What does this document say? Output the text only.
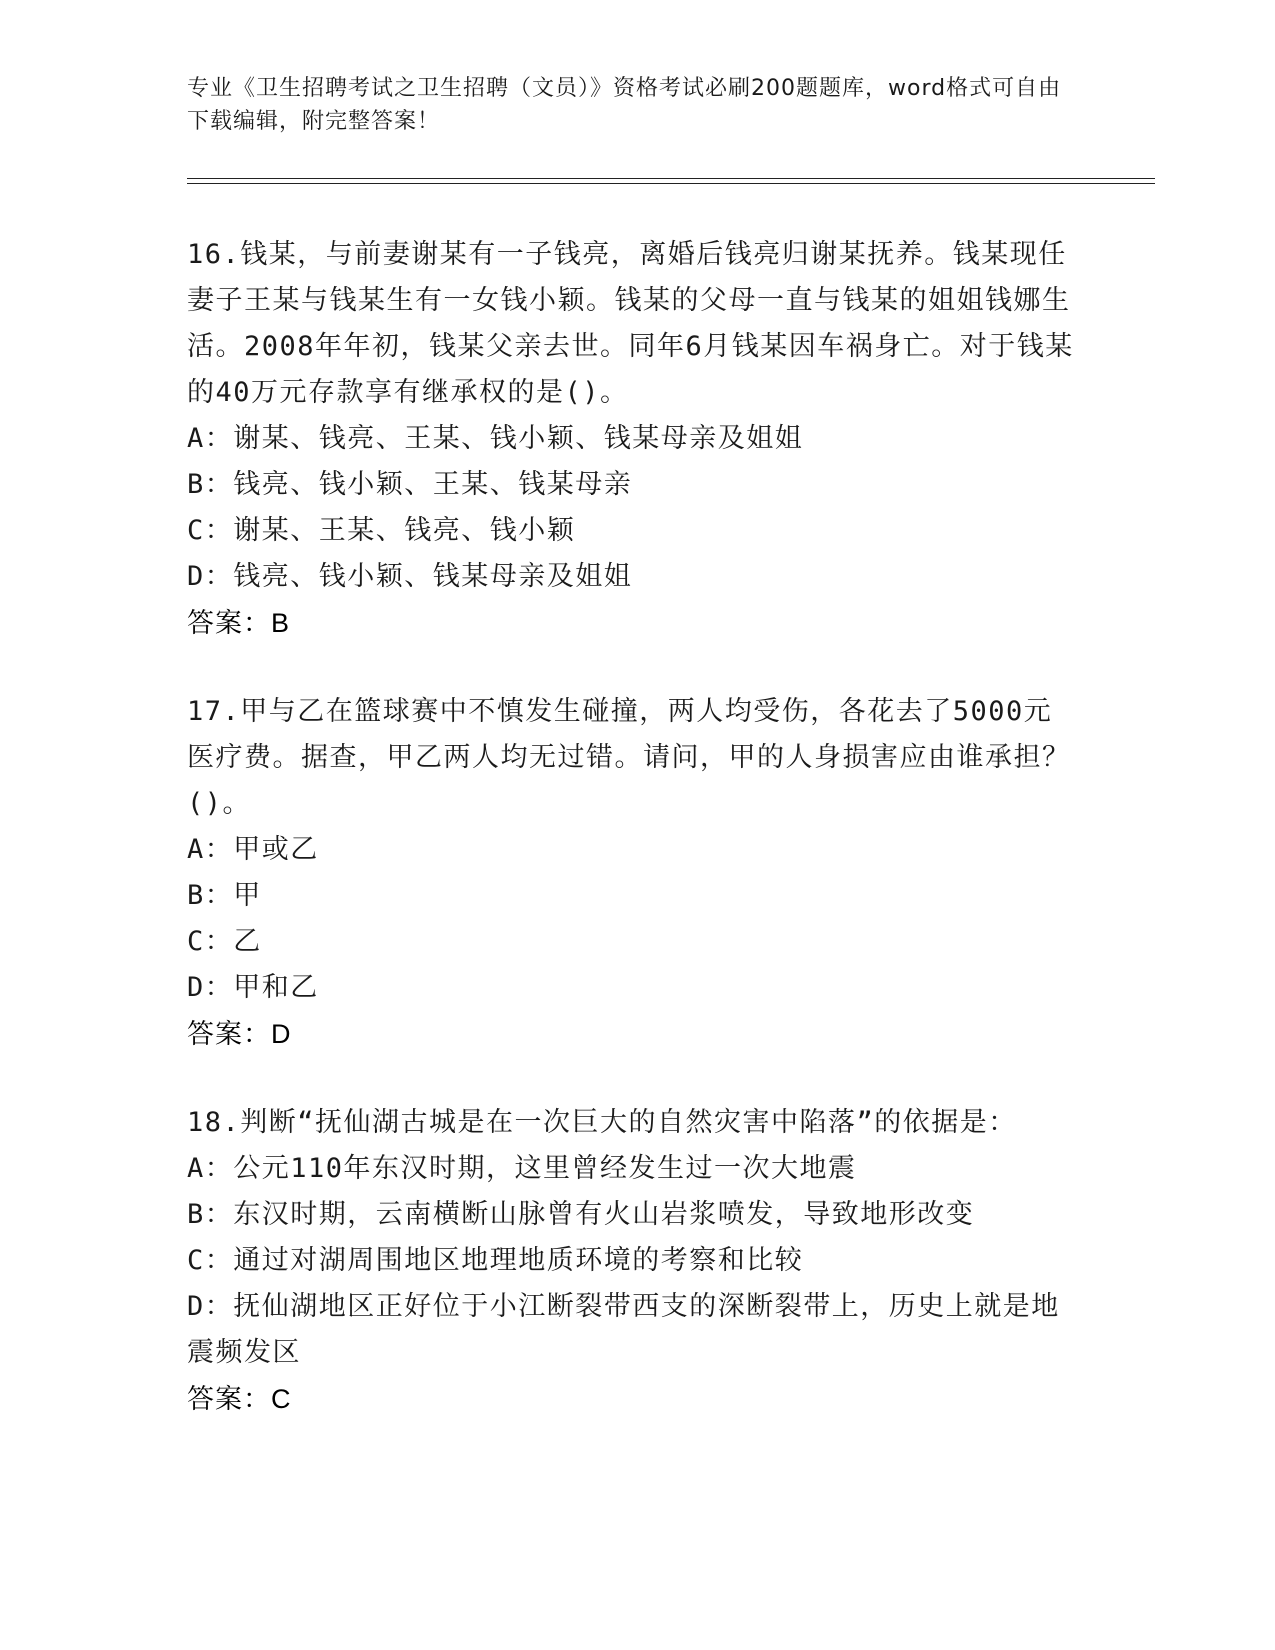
专业《卫生招聘考试之卫生招聘（文员）》资格考试必刷200题题库，word格式可自由下载编辑，附完整答案！
16.钱某，与前妻谢某有一子钱亮，离婚后钱亮归谢某抚养。钱某现任妻子王某与钱某生有一女钱小颖。钱某的父母一直与钱某的姐姐钱娜生活。2008年年初，钱某父亲去世。同年6月钱某因车祸身亡。对于钱某的40万元存款享有继承权的是()。
A：谢某、钱亮、王某、钱小颖、钱某母亲及姐姐
B：钱亮、钱小颖、王某、钱某母亲
C：谢某、王某、钱亮、钱小颖
D：钱亮、钱小颖、钱某母亲及姐姐
答案：B
17.甲与乙在篮球赛中不慎发生碰撞，两人均受伤，各花去了5000元医疗费。据查，甲乙两人均无过错。请问，甲的人身损害应由谁承担？()。
A：甲或乙
B：甲
C：乙
D：甲和乙
答案：D
18.判断“抚仙湖古城是在一次巨大的自然灾害中陷落”的依据是：
A：公元110年东汉时期，这里曾经发生过一次大地震
B：东汉时期，云南横断山脉曾有火山岩浆喷发，导致地形改变
C：通过对湖周围地区地理地质环境的考察和比较
D：抚仙湖地区正好位于小江断裂带西支的深断裂带上，历史上就是地震频发区
答案：C
